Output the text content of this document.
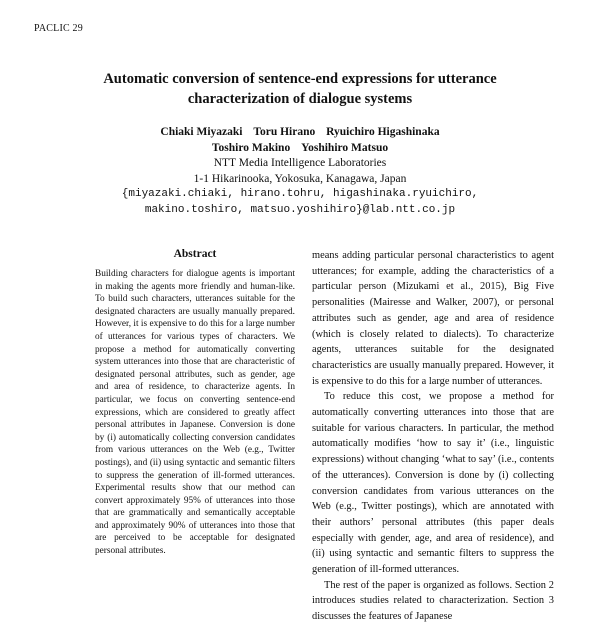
PACLIC 29
Automatic conversion of sentence-end expressions for utterance
characterization of dialogue systems
Chiaki Miyazaki Toru Hirano Ryuichiro Higashinaka
Toshiro Makino Yoshihiro Matsuo
NTT Media Intelligence Laboratories
1-1 Hikarinooka, Yokosuka, Kanagawa, Japan
{miyazaki.chiaki, hirano.tohru, higashinaka.ryuichiro,
makino.toshiro, matsuo.yoshihiro}@lab.ntt.co.jp
Abstract
Building characters for dialogue agents is important in making the agents more friendly and human-like. To build such characters, utterances suitable for the designated characters are usually manually prepared. However, it is expensive to do this for a large number of utterances for various types of characters. We propose a method for automatically converting system utterances into those that are characteristic of designated personal attributes, such as gender, age and area of residence, to characterize agents. In particular, we focus on converting sentence-end expressions, which are considered to greatly affect personal attributes in Japanese. Conversion is done by (i) automatically collecting conversion candidates from various utterances on the Web (e.g., Twitter postings), and (ii) using syntactic and semantic filters to suppress the generation of ill-formed utterances. Experimental results show that our method can convert approximately 95% of utterances into those that are grammatically and semantically acceptable and approximately 90% of utterances into those that are perceived to be acceptable for designated personal attributes.

means adding particular personal characteristics to agent utterances; for example, adding the characteristics of a particular person (Mizukami et al., 2015), Big Five personalities (Mairesse and Walker, 2007), or personal attributes such as gender, age and area of residence (which is closely related to dialects). To characterize agents, utterances suitable for the designated characteristics are usually manually prepared. However, it is expensive to do this for a large number of utterances.

To reduce this cost, we propose a method for automatically converting utterances into those that are suitable for various characters. In particular, the method automatically modifies ‘how to say it’ (i.e., linguistic expressions) without changing ‘what to say’ (i.e., contents of the utterances). Conversion is done by (i) collecting conversion candidates from various utterances on the Web (e.g., Twitter postings), which are annotated with their authors’ personal attributes (this paper deals especially with gender, age, and area of residence), and (ii) using syntactic and semantic filters to suppress the generation of ill-formed utterances.

The rest of the paper is organized as follows. Section 2 introduces studies related to characterization. Section 3 discusses the features of Japanese
